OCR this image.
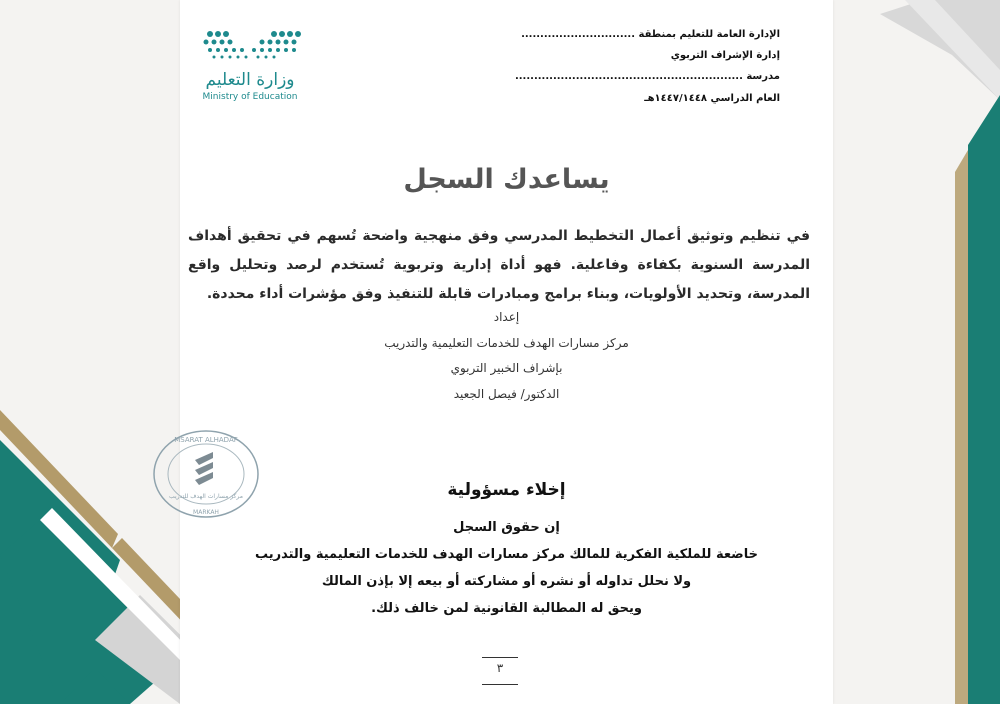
وزارة التعليم
Ministry of Education
الإدارة العامة للتعليم بمنطقة ..............................
إدارة الإشراف التربوي
مدرسة ............................................................
العام الدراسي ١٤٤٧/١٤٤٨هـ
يساعدك السجل
في تنظيم وتوثيق أعمال التخطيط المدرسي وفق منهجية واضحة تُسهم في تحقيق أهداف المدرسة السنوية بكفاءة وفاعلية. فهو أداة إدارية وتربوية تُستخدم لرصد وتحليل واقع المدرسة، وتحديد الأولويات، وبناء برامج ومبادرات قابلة للتنفيذ وفق مؤشرات أداء محددة.
إعداد
مركز مسارات الهدف للخدمات التعليمية والتدريب
بإشراف الخبير التربوي
الدكتور/ فيصل الجعيد
MSARAT ALHADAF
مركز مسارات الهدف للتدريب
MARKAH
إخلاء مسؤولية
إن حقوق السجل
خاضعة للملكية الفكرية للمالك مركز مسارات الهدف للخدمات التعليمية والتدريب
ولا نحلل تداوله أو نشره أو مشاركته أو بيعه إلا بإذن المالك
ويحق له المطالبة القانونية لمن خالف ذلك.
٣
